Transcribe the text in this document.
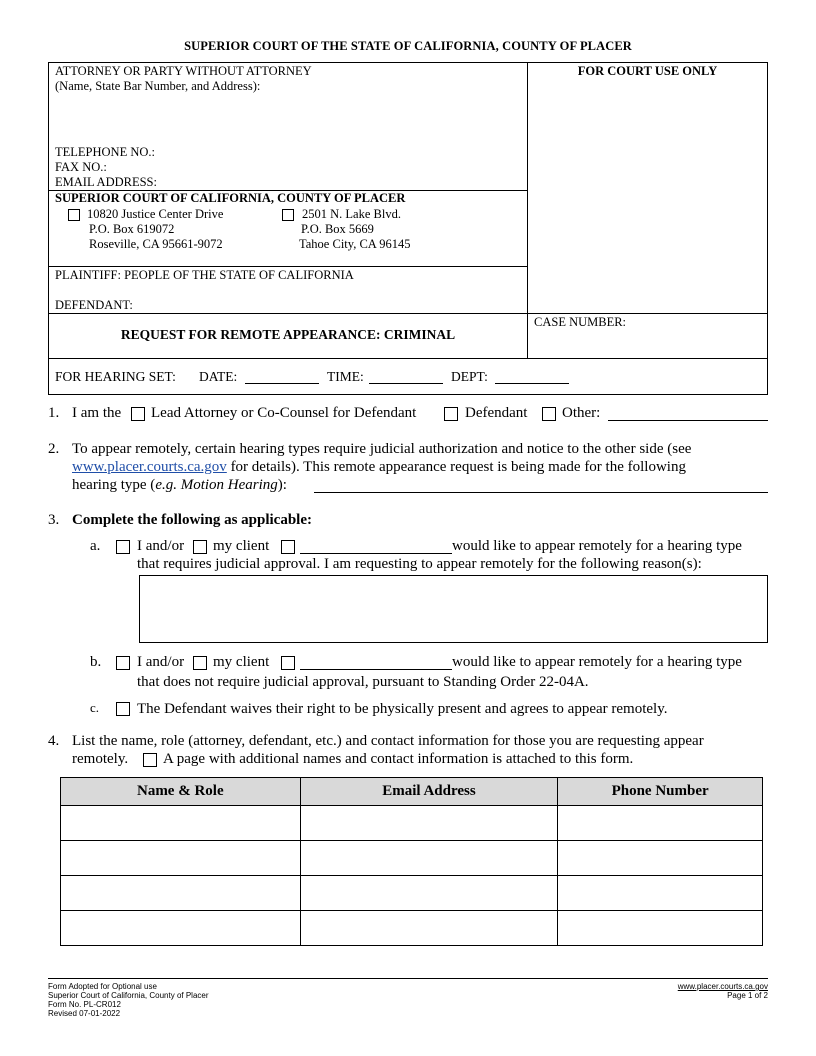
SUPERIOR COURT OF THE STATE OF CALIFORNIA, COUNTY OF PLACER
ATTORNEY OR PARTY WITHOUT ATTORNEY
(Name, State Bar Number, and Address):
TELEPHONE NO.:
FAX NO.:
EMAIL ADDRESS:
FOR COURT USE ONLY
SUPERIOR COURT OF CALIFORNIA, COUNTY OF PLACER
10820 Justice Center Drive
P.O. Box 619072
Roseville, CA 95661-9072
2501 N. Lake Blvd.
P.O. Box 5669
Tahoe City, CA 96145
PLAINTIFF: PEOPLE OF THE STATE OF CALIFORNIA
DEFENDANT:
REQUEST FOR REMOTE APPEARANCE: CRIMINAL
CASE NUMBER:
FOR HEARING SET: DATE:	TIME:	DEPT:
1. I am the Lead Attorney or Co-Counsel for Defendant	Defendant Other:
2. To appear remotely, certain hearing types require judicial authorization and notice to the other side (see
www.placer.courts.ca.gov for details). This remote appearance request is being made for the following
hearing type (e.g. Motion Hearing):
3. Complete the following as applicable:
a. I and/or my client	would like to appear remotely for a hearing type
that requires judicial approval. I am requesting to appear remotely for the following reason(s):
b. I and/or my client	would like to appear remotely for a hearing type
that does not require judicial approval, pursuant to Standing Order 22-04A.
c.	The Defendant waives their right to be physically present and agrees to appear remotely.
4. List the name, role (attorney, defendant, etc.) and contact information for those you are requesting appear
remotely. A page with additional names and contact information is attached to this form.
Name & Role	Email Address	Phone Number

Form Adopted for Optional use
Superior Court of California, County of Placer
Form No. PL-CR012
Revised 07-01-2022
www.placer.courts.ca.gov
Page 1 of 2
